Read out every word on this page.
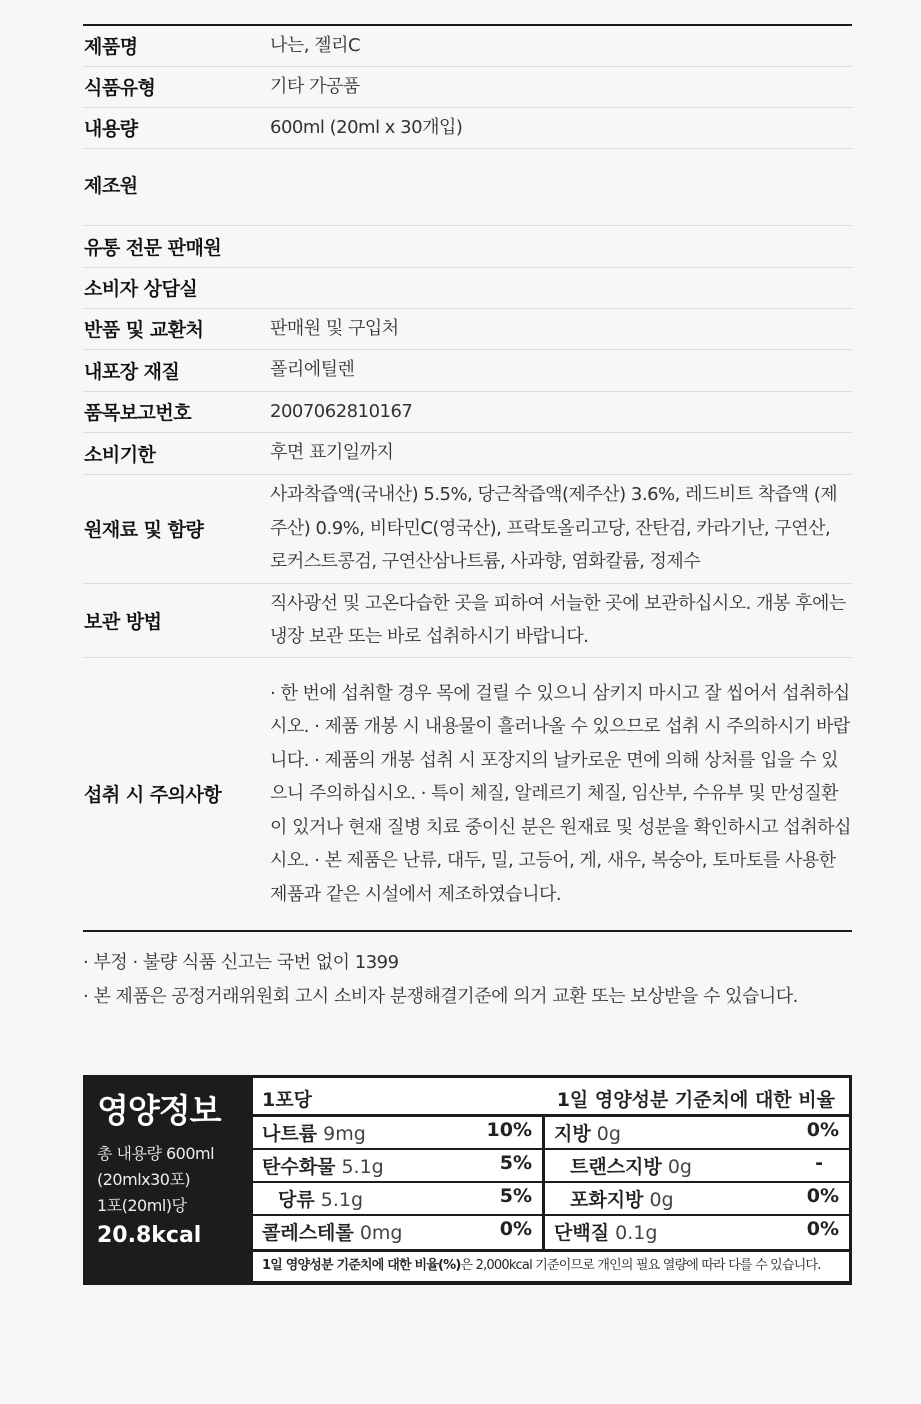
제품명	나는, 젤리C
식품유형	기타 가공품
내용량	600ml (20ml x 30개입)
제조원	
유통 전문 판매원	
소비자 상담실	
반품 및 교환처	판매원 및 구입처
내포장 재질	폴리에틸렌
품목보고번호	2007062810167
소비기한	후면 표기일까지
원재료 및 함량	사과착즙액(국내산) 5.5%, 당근착즙액(제주산) 3.6%, 레드비트 착즙액 (제주산) 0.9%, 비타민C(영국산), 프락토올리고당, 잔탄검, 카라기난, 구연산, 로커스트콩검, 구연산삼나트륨, 사과향, 염화칼륨, 정제수
보관 방법	직사광선 및 고온다습한 곳을 피하여 서늘한 곳에 보관하십시오. 개봉 후에는 냉장 보관 또는 바로 섭취하시기 바랍니다.
섭취 시 주의사항	· 한 번에 섭취할 경우 목에 걸릴 수 있으니 삼키지 마시고 잘 씹어서 섭취하십시오. · 제품 개봉 시 내용물이 흘러나올 수 있으므로 섭취 시 주의하시기 바랍니다. · 제품의 개봉 섭취 시 포장지의 날카로운 면에 의해 상처를 입을 수 있으니 주의하십시오. · 특이 체질, 알레르기 체질, 임산부, 수유부 및 만성질환이 있거나 현재 질병 치료 중이신 분은 원재료 및 성분을 확인하시고 섭취하십시오. · 본 제품은 난류, 대두, 밀, 고등어, 게, 새우, 복숭아, 토마토를 사용한 제품과 같은 시설에서 제조하였습니다.
· 부정 · 불량 식품 신고는 국번 없이 1399
· 본 제품은 공정거래위원회 고시 소비자 분쟁해결기준에 의거 교환 또는 보상받을 수 있습니다.
영양정보
총 내용량 600ml
(20mlx30포)
1포(20ml)당
20.8kcal
1포당	1일 영양성분 기준치에 대한 비율
나트륨 9mg	10%
탄수화물 5.1g	5%
당류 5.1g	5%
콜레스테롤 0mg	0%
지방 0g	0%
트랜스지방 0g	-
포화지방 0g	0%
단백질 0.1g	0%
1일 영양성분 기준치에 대한 비율(%)은 2,000kcal 기준이므로 개인의 필요 열량에 따라 다를 수 있습니다.
